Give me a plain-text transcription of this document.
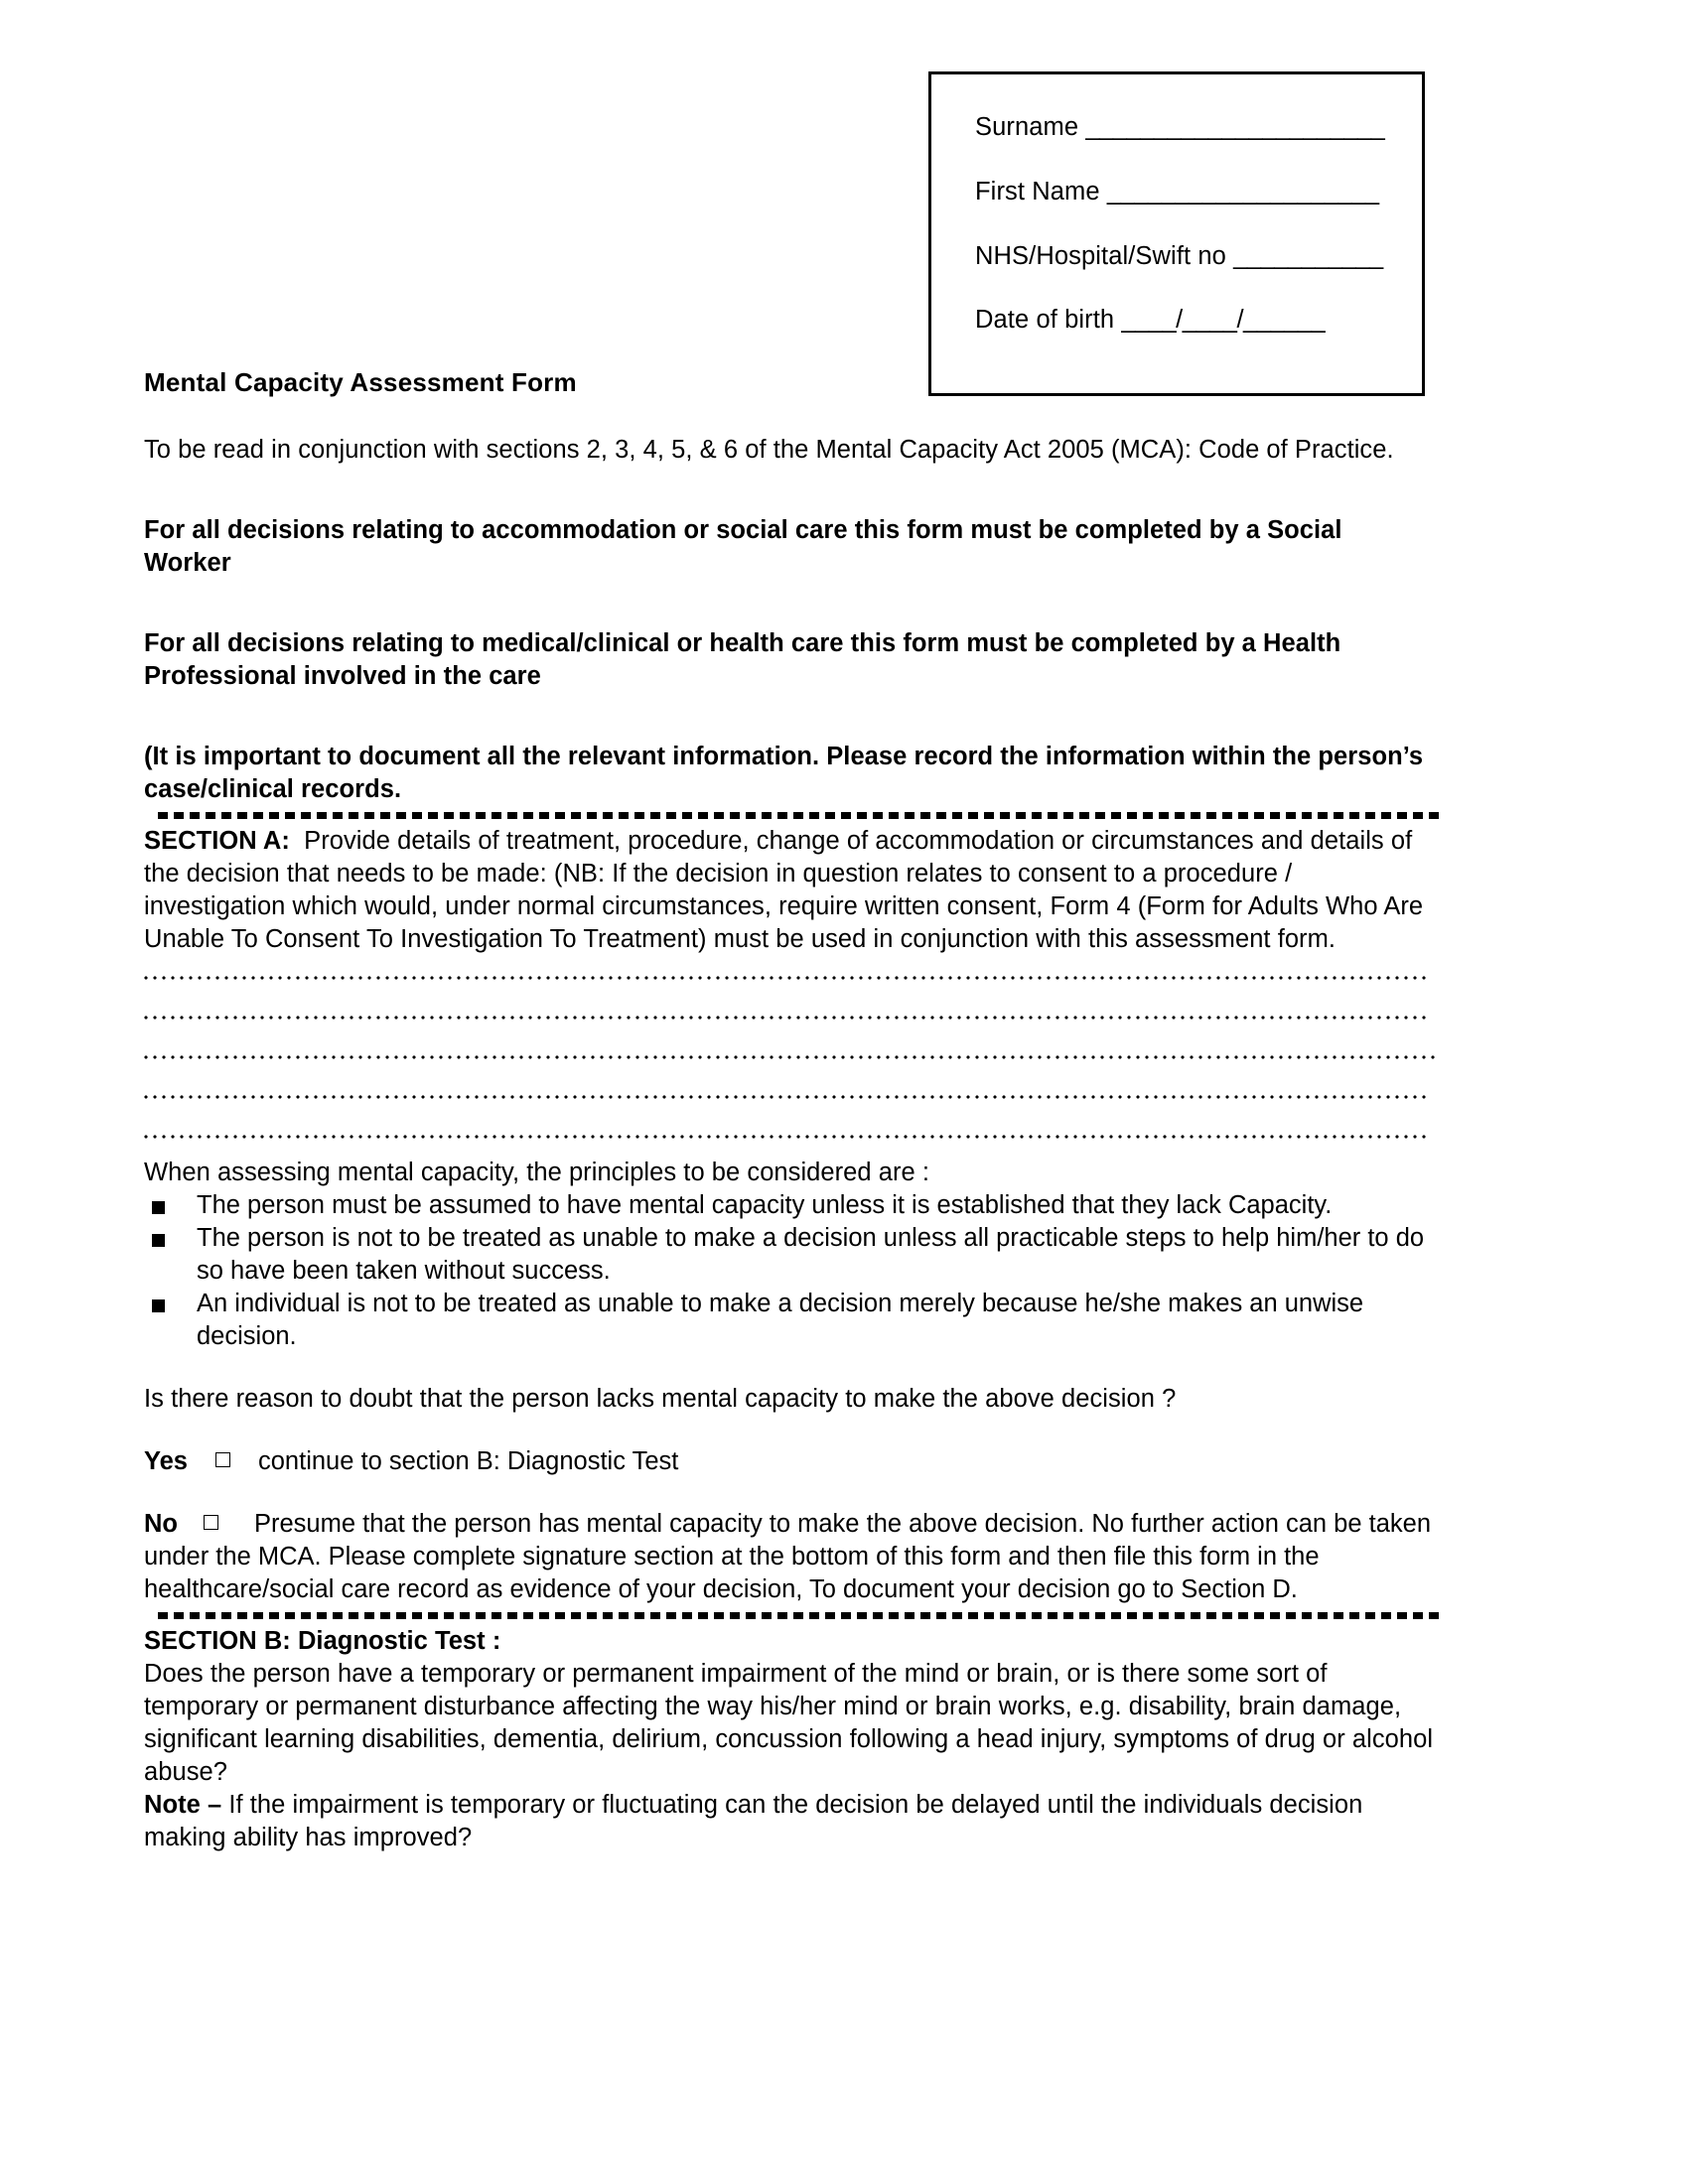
Surname ______________________
First Name ____________________
NHS/Hospital/Swift no ___________
Date of birth ____/____/______
Mental Capacity Assessment Form

To be read in conjunction with sections 2, 3, 4, 5, & 6 of the Mental Capacity Act 2005 (MCA): Code of Practice.

For all decisions relating to accommodation or social care this form must be completed by a Social Worker

For all decisions relating to medical/clinical or health care this form must be completed by a Health Professional involved in the care

(It is important to document all the relevant information. Please record the information within the person’s case/clinical records.

SECTION A: Provide details of treatment, procedure, change of accommodation or circumstances and details of the decision that needs to be made: (NB: If the decision in question relates to consent to a procedure / investigation which would, under normal circumstances, require written consent, Form 4 (Form for Adults Who Are Unable To Consent To Investigation To Treatment) must be used in conjunction with this assessment form.

When assessing mental capacity, the principles to be considered are :

The person must be assumed to have mental capacity unless it is established that they lack Capacity.
The person is not to be treated as unable to make a decision unless all practicable steps to help him/her to do so have been taken without success.
An individual is not to be treated as unable to make a decision merely because he/she makes an unwise decision.

Is there reason to doubt that the person lacks mental capacity to make the above decision ?

Yes	continue to section B: Diagnostic Test

No	Presume that the person has mental capacity to make the above decision. No further action can be taken under the MCA. Please complete signature section at the bottom of this form and then file this form in the healthcare/social care record as evidence of your decision, To document your decision go to Section D.

SECTION B: Diagnostic Test :

Does the person have a temporary or permanent impairment of the mind or brain, or is there some sort of temporary or permanent disturbance affecting the way his/her mind or brain works, e.g. disability, brain damage, significant learning disabilities, dementia, delirium, concussion following a head injury, symptoms of drug or alcohol abuse?

Note – If the impairment is temporary or fluctuating can the decision be delayed until the individuals decision making ability has improved?
